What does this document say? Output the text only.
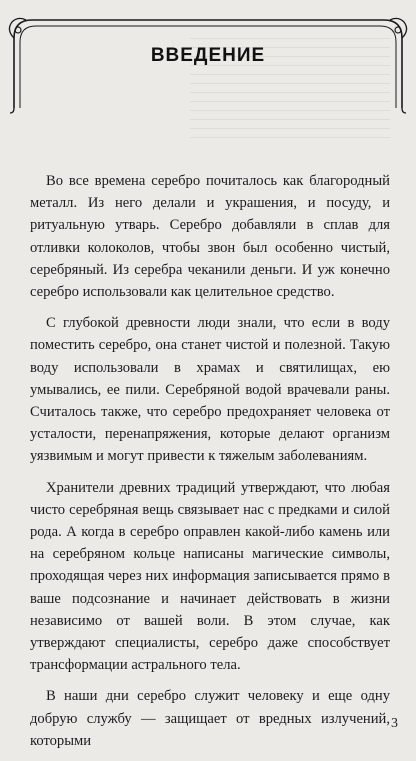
ВВЕДЕНИЕ

Во все времена серебро почиталось как благородный металл. Из него делали и украшения, и посуду, и ритуальную утварь. Серебро добавляли в сплав для отливки колоколов, чтобы звон был особенно чистый, серебряный. Из серебра чеканили деньги. И уж конечно серебро использовали как целительное средство.

С глубокой древности люди знали, что если в воду поместить серебро, она станет чистой и полезной. Такую воду использовали в храмах и святилищах, ею умывались, ее пили. Серебряной водой врачевали раны. Считалось также, что серебро предохраняет человека от усталости, перенапряжения, которые делают организм уязвимым и могут привести к тяжелым заболеваниям.

Хранители древних традиций утверждают, что любая чисто серебряная вещь связывает нас с предками и силой рода. А когда в серебро оправлен какой-либо камень или на серебряном кольце написаны магические символы, проходящая через них информация записывается прямо в ваше подсознание и начинает действовать в жизни независимо от вашей воли. В этом случае, как утверждают специалисты, серебро даже способствует трансформации астрального тела.

В наши дни серебро служит человеку и еще одну добрую службу — защищает от вредных излучений, которыми

3
